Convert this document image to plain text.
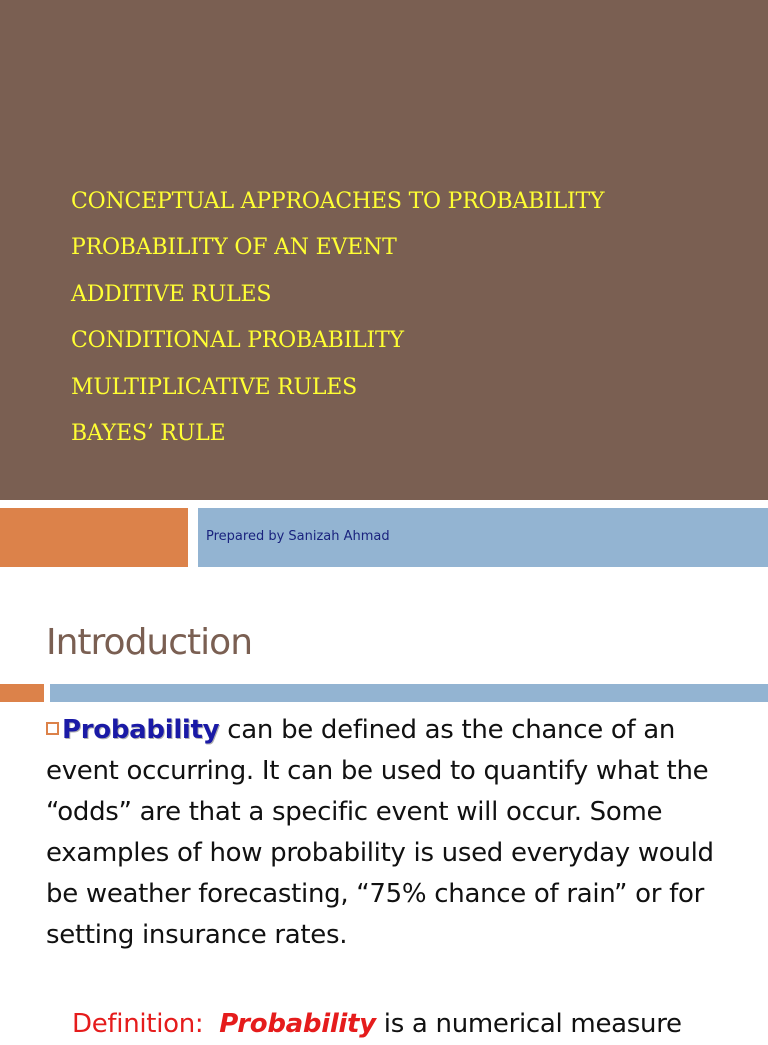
CONCEPTUAL APPROACHES TO PROBABILITY
PROBABILITY OF AN EVENT
ADDITIVE RULES
CONDITIONAL PROBABILITY
MULTIPLICATIVE RULES
BAYES’ RULE
Prepared by Sanizah Ahmad
Introduction

Probability can be defined as the chance of an event occurring. It can be used to quantify what the “odds” are that a specific event will occur. Some examples of how probability is used everyday would be weather forecasting, “75% chance of rain” or for setting insurance rates.

Definition: Probability is a numerical measure
